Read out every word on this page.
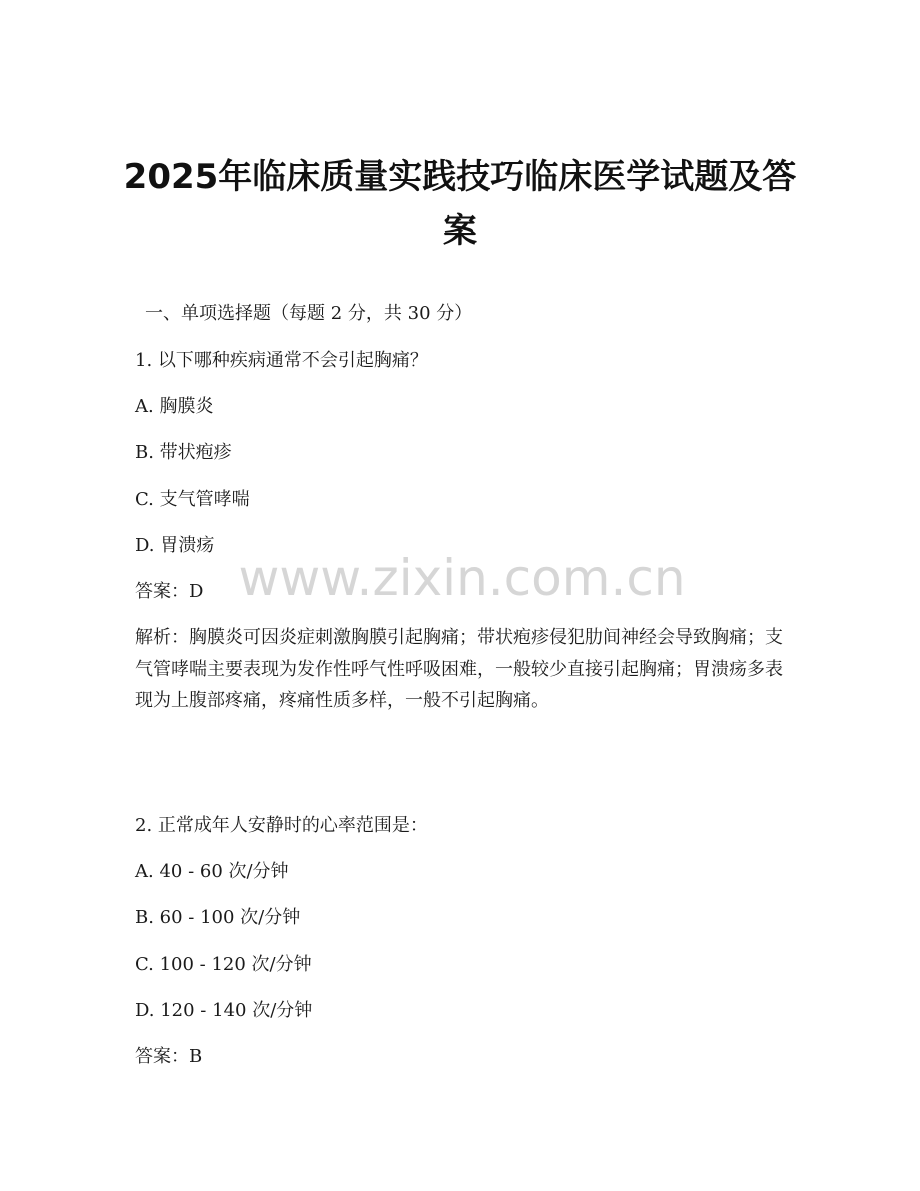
2025年临床质量实践技巧临床医学试题及答案
一、单项选择题（每题 2 分，共 30 分）
1. 以下哪种疾病通常不会引起胸痛？
A. 胸膜炎
B. 带状疱疹
C. 支气管哮喘
D. 胃溃疡
答案：D
解析：胸膜炎可因炎症刺激胸膜引起胸痛；带状疱疹侵犯肋间神经会导致胸痛；支气管哮喘主要表现为发作性呼气性呼吸困难，一般较少直接引起胸痛；胃溃疡多表现为上腹部疼痛，疼痛性质多样，一般不引起胸痛。
2. 正常成年人安静时的心率范围是：
A. 40 - 60 次/分钟
B. 60 - 100 次/分钟
C. 100 - 120 次/分钟
D. 120 - 140 次/分钟
答案：B
www.zixin.com.cn
